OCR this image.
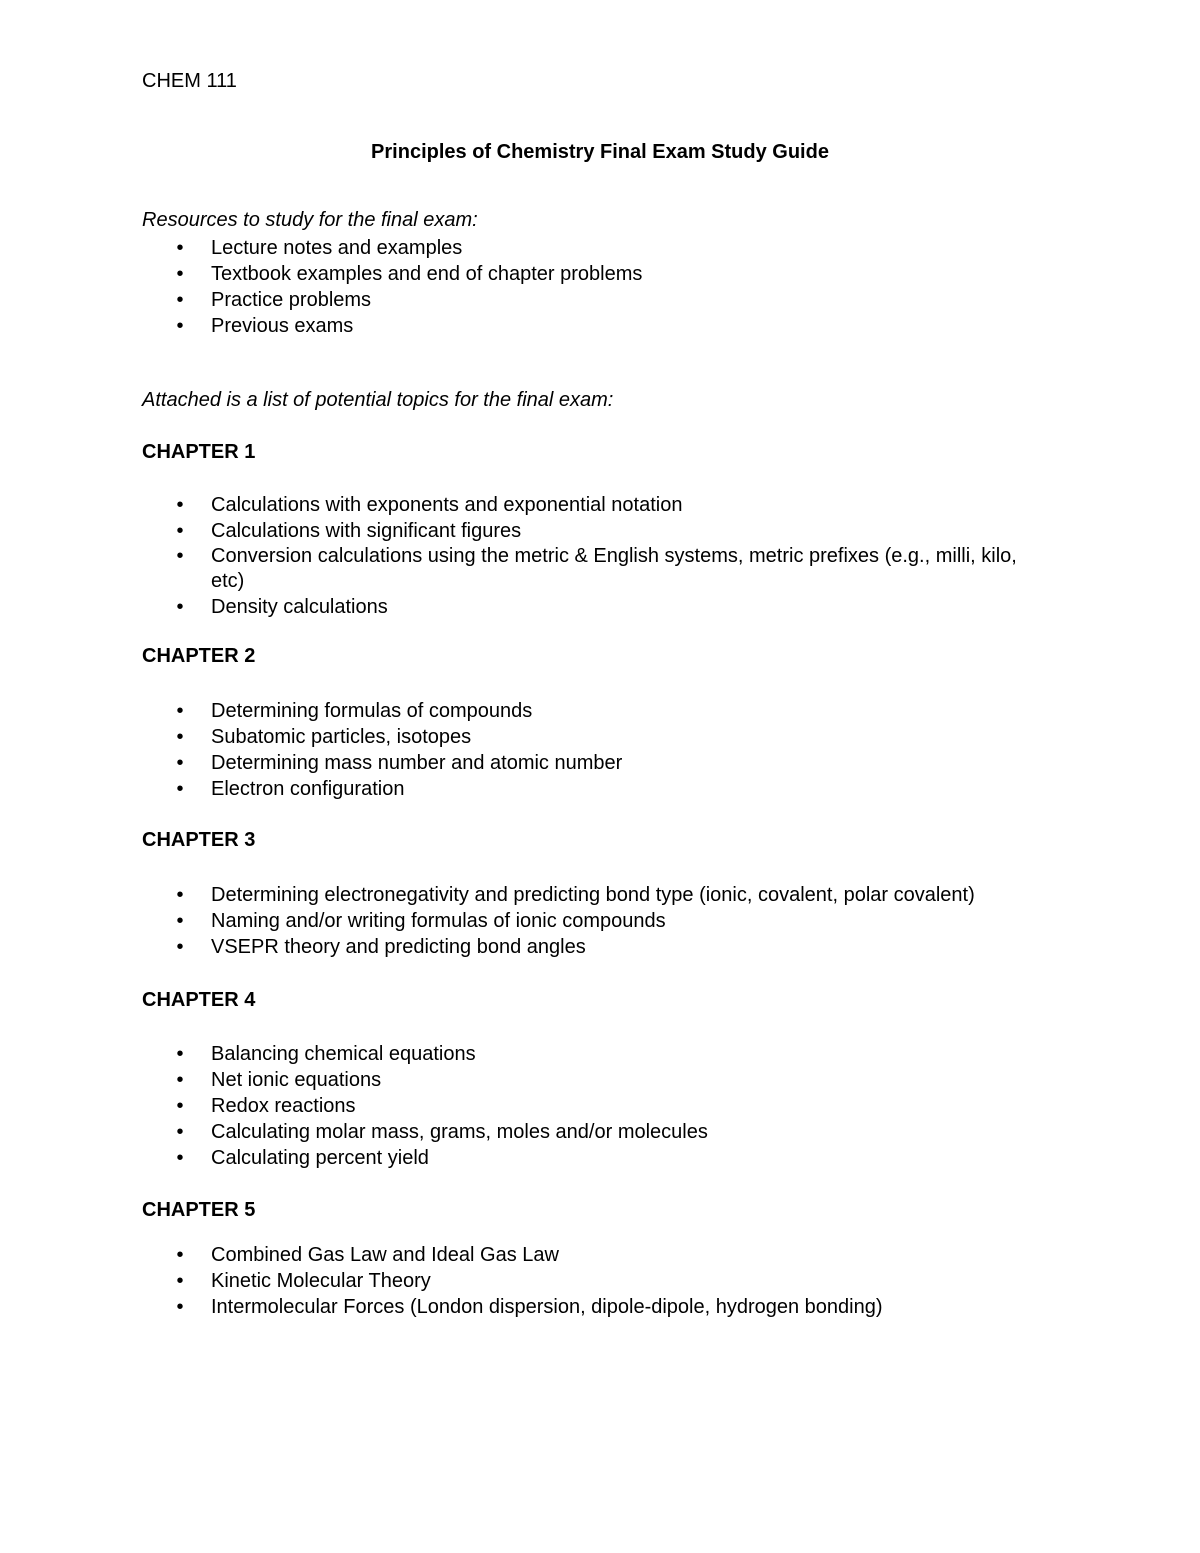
CHEM 111
Principles of Chemistry Final Exam Study Guide
Resources to study for the final exam:
• Lecture notes and examples
• Textbook examples and end of chapter problems
• Practice problems
• Previous exams
Attached is a list of potential topics for the final exam:
CHAPTER 1
• Calculations with exponents and exponential notation
• Calculations with significant figures
• Conversion calculations using the metric & English systems, metric prefixes (e.g., milli, kilo, etc)
• Density calculations
CHAPTER 2
• Determining formulas of compounds
• Subatomic particles, isotopes
• Determining mass number and atomic number
• Electron configuration
CHAPTER 3
• Determining electronegativity and predicting bond type (ionic, covalent, polar covalent)
• Naming and/or writing formulas of ionic compounds
• VSEPR theory and predicting bond angles
CHAPTER 4
• Balancing chemical equations
• Net ionic equations
• Redox reactions
• Calculating molar mass, grams, moles and/or molecules
• Calculating percent yield
CHAPTER 5
• Combined Gas Law and Ideal Gas Law
• Kinetic Molecular Theory
• Intermolecular Forces (London dispersion, dipole-dipole, hydrogen bonding)
